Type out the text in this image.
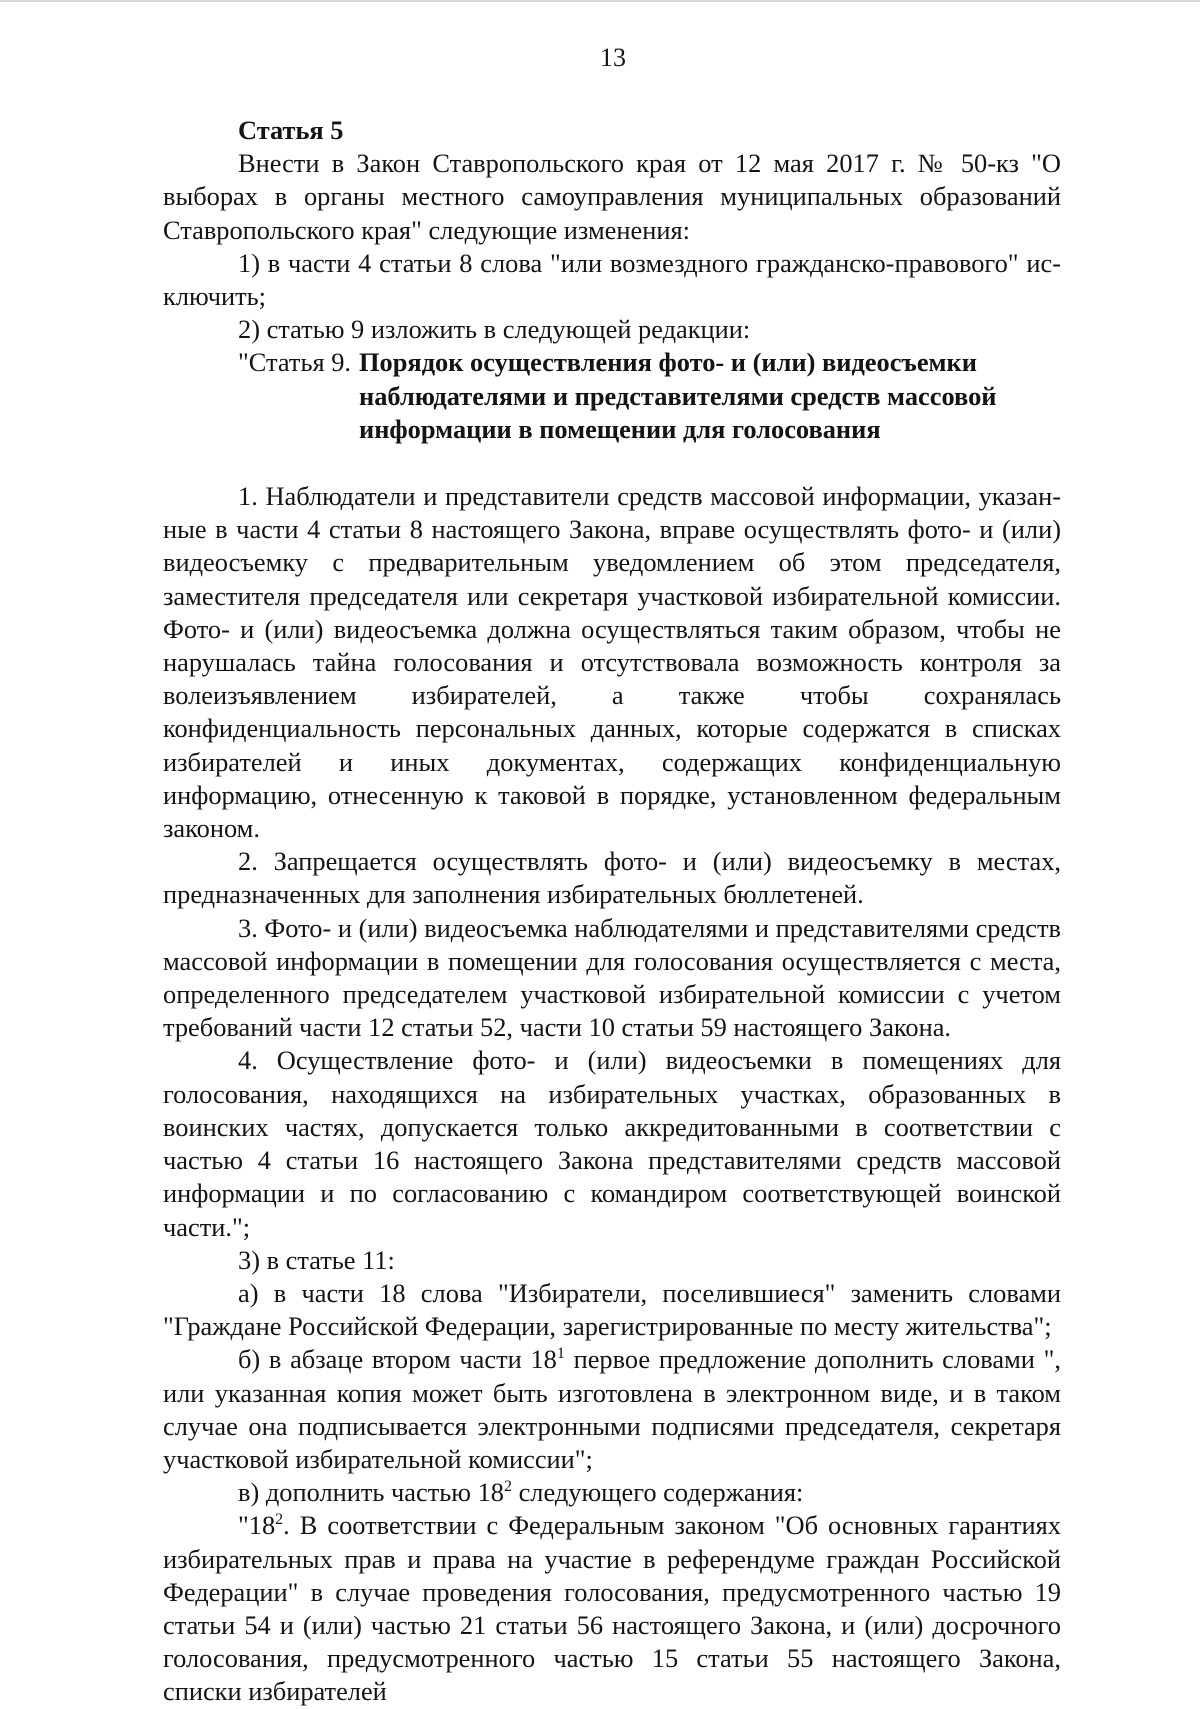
13
Статья 5

Внести в Закон Ставропольского края от 12 мая 2017 г. № 50-кз "О выборах в органы местного самоуправления муниципальных образований Ставропольского края" следующие изменения:

1) в части 4 статьи 8 слова "или возмездного гражданско-правового" исключить;

2) статью 9 изложить в следующей редакции:

"Статья 9. Порядок осуществления фото- и (или) видеосъемки наблюдателями и представителями средств массовой информации в помещении для голосования

1. Наблюдатели и представители средств массовой информации, указанные в части 4 статьи 8 настоящего Закона, вправе осуществлять фото- и (или) видеосъемку с предварительным уведомлением об этом председателя, заместителя председателя или секретаря участковой избирательной комиссии. Фото- и (или) видеосъемка должна осуществляться таким образом, чтобы не нарушалась тайна голосования и отсутствовала возможность контроля за волеизъявлением избирателей, а также чтобы сохранялась конфиденциальность персональных данных, которые содержатся в списках избирателей и иных документах, содержащих конфиденциальную информацию, отнесенную к таковой в порядке, установленном федеральным законом.

2. Запрещается осуществлять фото- и (или) видеосъемку в местах, предназначенных для заполнения избирательных бюллетеней.

3. Фото- и (или) видеосъемка наблюдателями и представителями средств массовой информации в помещении для голосования осуществляется с места, определенного председателем участковой избирательной комиссии с учетом требований части 12 статьи 52, части 10 статьи 59 настоящего Закона.

4. Осуществление фото- и (или) видеосъемки в помещениях для голосования, находящихся на избирательных участках, образованных в воинских частях, допускается только аккредитованными в соответствии с частью 4 статьи 16 настоящего Закона представителями средств массовой информации и по согласованию с командиром соответствующей воинской части.";

3) в статье 11:

а) в части 18 слова "Избиратели, поселившиеся" заменить словами "Граждане Российской Федерации, зарегистрированные по месту жительства";

б) в абзаце втором части $18^1$ первое предложение дополнить словами ", или указанная копия может быть изготовлена в электронном виде, и в таком случае она подписывается электронными подписями председателя, секретаря участковой избирательной комиссии";

в) дополнить частью $18^2$ следующего содержания:

"$18^2$. В соответствии с Федеральным законом "Об основных гарантиях избирательных прав и права на участие в референдуме граждан Российской Федерации" в случае проведения голосования, предусмотренного частью 19 статьи 54 и (или) частью 21 статьи 56 настоящего Закона, и (или) досрочного голосования, предусмотренного частью 15 статьи 55 настоящего Закона, списки избирателей
